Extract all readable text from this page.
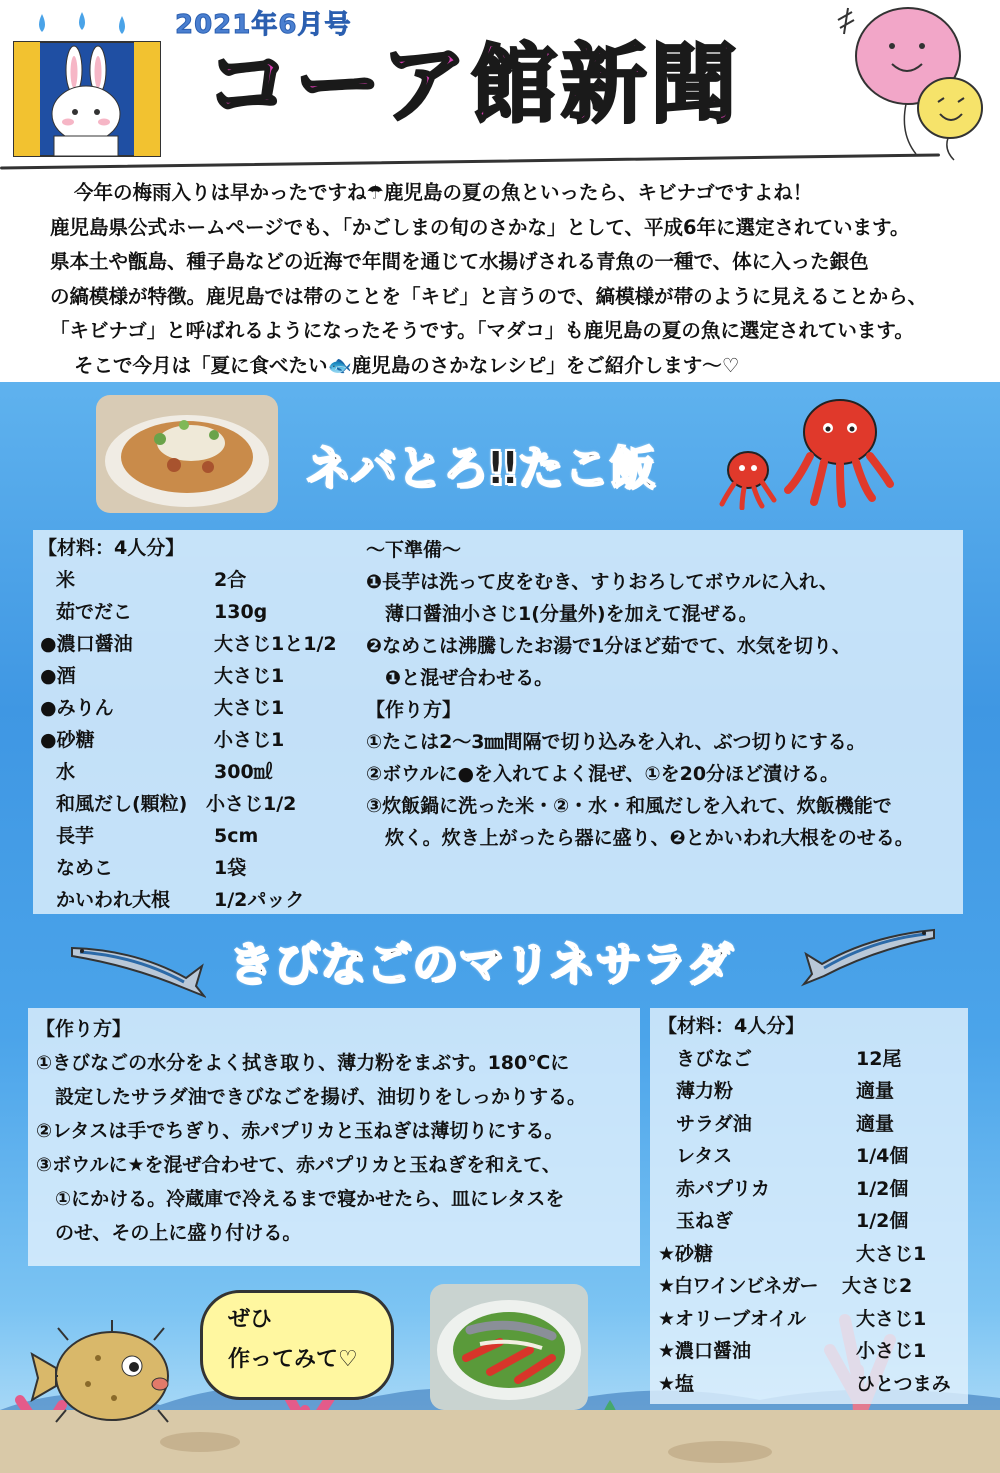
2021年6月号
コーア館新聞

今年の梅雨入りは早かったですね☂鹿児島の夏の魚といったら、キビナゴですよね！

鹿児島県公式ホームページでも、「かごしまの旬のさかな」として、平成6年に選定されています。

県本土や甑島、種子島などの近海で年間を通じて水揚げされる青魚の一種で、体に入った銀色

の縞模様が特徴。鹿児島では帯のことを「キビ」と言うので、縞模様が帯のように見えることから、

「キビナゴ」と呼ばれるようになったそうです。「マダコ」も鹿児島の夏の魚に選定されています。

そこで今月は「夏に食べたい🐟鹿児島のさかなレシピ」をご紹介します～♡

ネバとろ‼たこ飯
【材料：4人分】
米	2合
茹でだこ	130g
●濃口醤油	大さじ1と1/2
●酒	大さじ1
●みりん	大さじ1
●砂糖	小さじ1
水	300㎖
和風だし(顆粒) 小さじ1/2
長芋	5cm
なめこ	1袋
かいわれ大根	1/2パック
～下準備～
❶長芋は洗って皮をむき、すりおろしてボウルに入れ、
　薄口醤油小さじ1(分量外)を加えて混ぜる。
❷なめこは沸騰したお湯で1分ほど茹でて、水気を切り、
　❶と混ぜ合わせる。
【作り方】
①たこは2～3㎜間隔で切り込みを入れ、ぶつ切りにする。
②ボウルに●を入れてよく混ぜ、①を20分ほど漬ける。
③炊飯鍋に洗った米・②・水・和風だしを入れて、炊飯機能で
　炊く。炊き上がったら器に盛り、❷とかいわれ大根をのせる。
きびなごのマリネサラダ
【作り方】
①きびなごの水分をよく拭き取り、薄力粉をまぶす。180℃に
　設定したサラダ油できびなごを揚げ、油切りをしっかりする。
②レタスは手でちぎり、赤パプリカと玉ねぎは薄切りにする。
③ボウルに★を混ぜ合わせて、赤パプリカと玉ねぎを和えて、
　①にかける。冷蔵庫で冷えるまで寝かせたら、皿にレタスを
　のせ、その上に盛り付ける。
【材料：4人分】
きびなご	12尾
薄力粉	適量
サラダ油	適量
レタス	1/4個
赤パプリカ	1/2個
玉ねぎ	1/2個
★砂糖	大さじ1
★白ワインビネガー	大さじ2
★オリーブオイル	大さじ1
★濃口醤油	小さじ1
★塩	ひとつまみ
ぜひ
作ってみて♡
